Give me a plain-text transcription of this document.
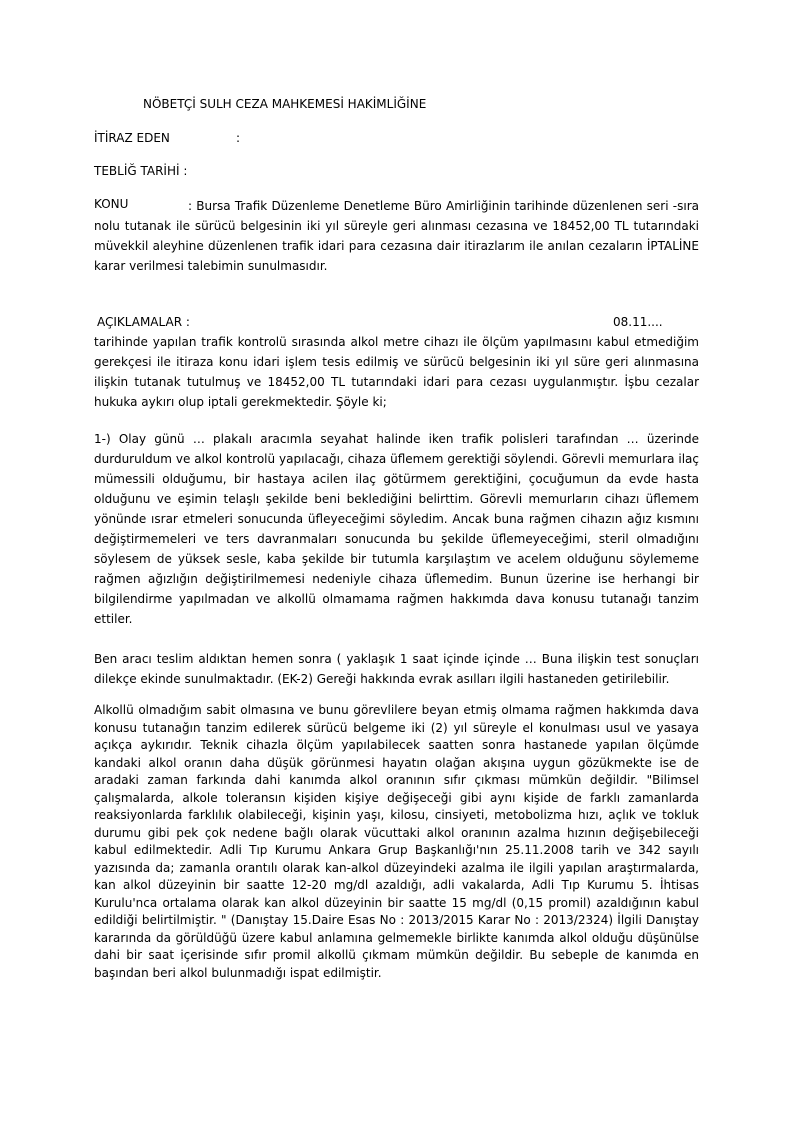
NÖBETÇİ SULH CEZA MAHKEMESİ HAKİMLİĞİNE
İTİRAZ EDEN	:
TEBLİĞ TARİHİ :
KONU	: Bursa Trafik Düzenleme Denetleme Büro Amirliğinin tarihinde düzenlenen seri -sıra nolu tutanak ile sürücü belgesinin iki yıl süreyle geri alınması cezasına ve 18452,00 TL tutarındaki müvekkil aleyhine düzenlenen trafik idari para cezasına dair itirazlarım ile anılan cezaların İPTALİNE karar verilmesi talebimin sunulmasıdır.

AÇIKLAMALAR :	08.11....

tarihinde yapılan trafik kontrolü sırasında alkol metre cihazı ile ölçüm yapılmasını kabul etmediğim gerekçesi ile itiraza konu idari işlem tesis edilmiş ve sürücü belgesinin iki yıl süre geri alınmasına ilişkin tutanak tutulmuş ve 18452,00 TL tutarındaki idari para cezası uygulanmıştır. İşbu cezalar hukuka aykırı olup iptali gerekmektedir. Şöyle ki;

1-) Olay günü … plakalı aracımla seyahat halinde iken trafik polisleri tarafından … üzerinde durduruldum ve alkol kontrolü yapılacağı, cihaza üflemem gerektiği söylendi. Görevli memurlara ilaç mümessili olduğumu, bir hastaya acilen ilaç götürmem gerektiğini, çocuğumun da evde hasta olduğunu ve eşimin telaşlı şekilde beni beklediğini belirttim. Görevli memurların cihazı üflemem yönünde ısrar etmeleri sonucunda üfleyeceğimi söyledim. Ancak buna rağmen cihazın ağız kısmını değiştirmemeleri ve ters davranmaları sonucunda bu şekilde üflemeyeceğimi, steril olmadığını söylesem de yüksek sesle, kaba şekilde bir tutumla karşılaştım ve acelem olduğunu söylememe rağmen ağızlığın değiştirilmemesi nedeniyle cihaza üflemedim. Bunun üzerine ise herhangi bir bilgilendirme yapılmadan ve alkollü olmamama rağmen hakkımda dava konusu tutanağı tanzim ettiler.

Ben aracı teslim aldıktan hemen sonra ( yaklaşık 1 saat içinde içinde … Buna ilişkin test sonuçları dilekçe ekinde sunulmaktadır. (EK-2) Gereği hakkında evrak asılları ilgili hastaneden getirilebilir.

Alkollü olmadığım sabit olmasına ve bunu görevlilere beyan etmiş olmama rağmen hakkımda dava konusu tutanağın tanzim edilerek sürücü belgeme iki (2) yıl süreyle el konulması usul ve yasaya açıkça aykırıdır. Teknik cihazla ölçüm yapılabilecek saatten sonra hastanede yapılan ölçümde kandaki alkol oranın daha düşük görünmesi hayatın olağan akışına uygun gözükmekte ise de aradaki zaman farkında dahi kanımda alkol oranının sıfır çıkması mümkün değildir. "Bilimsel çalışmalarda, alkole toleransın kişiden kişiye değişeceği gibi aynı kişide de farklı zamanlarda reaksiyonlarda farklılık olabileceği, kişinin yaşı, kilosu, cinsiyeti, metobolizma hızı, açlık ve tokluk durumu gibi pek çok nedene bağlı olarak vücuttaki alkol oranının azalma hızının değişebileceği kabul edilmektedir. Adli Tıp Kurumu Ankara Grup Başkanlığı'nın 25.11.2008 tarih ve 342 sayılı yazısında da; zamanla orantılı olarak kan-alkol düzeyindeki azalma ile ilgili yapılan araştırmalarda, kan alkol düzeyinin bir saatte 12-20 mg/dl azaldığı, adli vakalarda, Adli Tıp Kurumu 5. İhtisas Kurulu'nca ortalama olarak kan alkol düzeyinin bir saatte 15 mg/dl (0,15 promil) azaldığının kabul edildiği belirtilmiştir. " (Danıştay 15.Daire Esas No : 2013/2015 Karar No : 2013/2324) İlgili Danıştay kararında da görüldüğü üzere kabul anlamına gelmemekle birlikte kanımda alkol olduğu düşünülse dahi bir saat içerisinde sıfır promil alkollü çıkmam mümkün değildir. Bu sebeple de kanımda en başından beri alkol bulunmadığı ispat edilmiştir.
